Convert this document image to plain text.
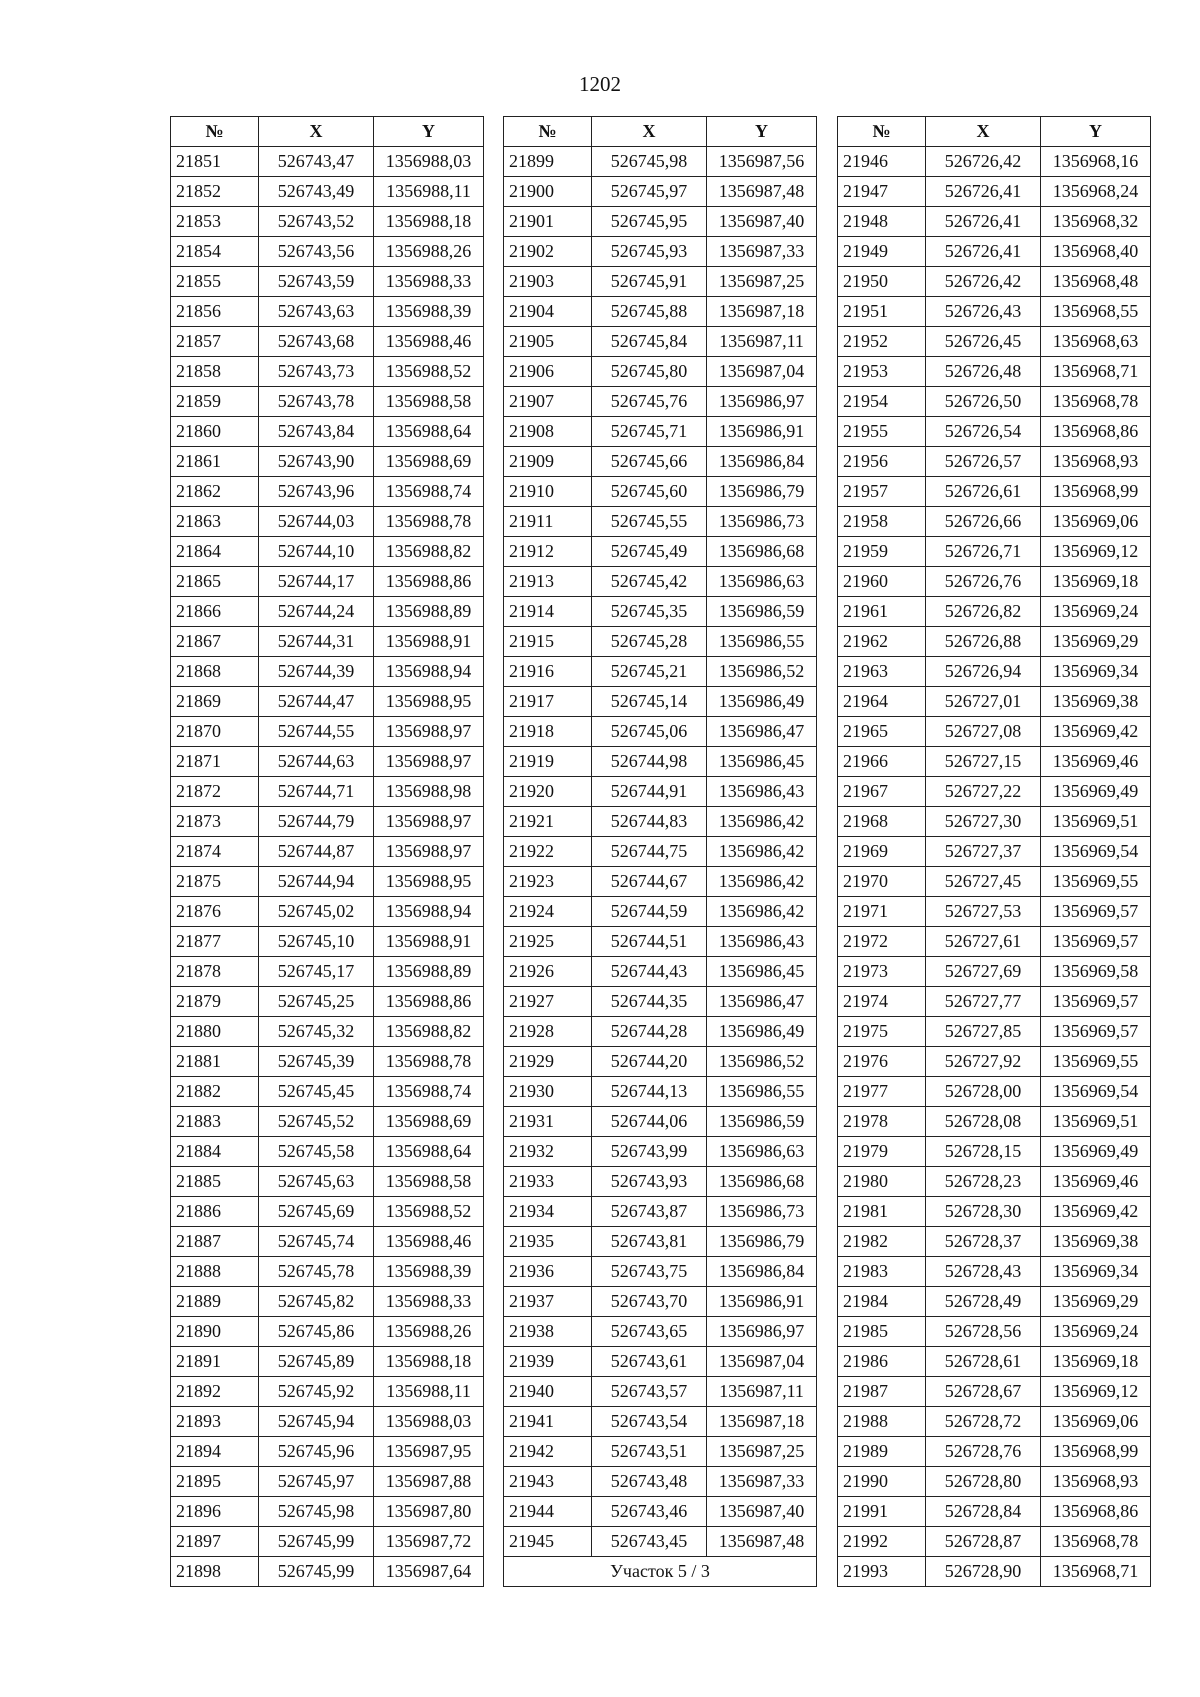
1202
№	X	Y
21851	526743,47	1356988,03
21852	526743,49	1356988,11
21853	526743,52	1356988,18
21854	526743,56	1356988,26
21855	526743,59	1356988,33
21856	526743,63	1356988,39
21857	526743,68	1356988,46
21858	526743,73	1356988,52
21859	526743,78	1356988,58
21860	526743,84	1356988,64
21861	526743,90	1356988,69
21862	526743,96	1356988,74
21863	526744,03	1356988,78
21864	526744,10	1356988,82
21865	526744,17	1356988,86
21866	526744,24	1356988,89
21867	526744,31	1356988,91
21868	526744,39	1356988,94
21869	526744,47	1356988,95
21870	526744,55	1356988,97
21871	526744,63	1356988,97
21872	526744,71	1356988,98
21873	526744,79	1356988,97
21874	526744,87	1356988,97
21875	526744,94	1356988,95
21876	526745,02	1356988,94
21877	526745,10	1356988,91
21878	526745,17	1356988,89
21879	526745,25	1356988,86
21880	526745,32	1356988,82
21881	526745,39	1356988,78
21882	526745,45	1356988,74
21883	526745,52	1356988,69
21884	526745,58	1356988,64
21885	526745,63	1356988,58
21886	526745,69	1356988,52
21887	526745,74	1356988,46
21888	526745,78	1356988,39
21889	526745,82	1356988,33
21890	526745,86	1356988,26
21891	526745,89	1356988,18
21892	526745,92	1356988,11
21893	526745,94	1356988,03
21894	526745,96	1356987,95
21895	526745,97	1356987,88
21896	526745,98	1356987,80
21897	526745,99	1356987,72
21898	526745,99	1356987,64
№	X	Y
21899	526745,98	1356987,56
21900	526745,97	1356987,48
21901	526745,95	1356987,40
21902	526745,93	1356987,33
21903	526745,91	1356987,25
21904	526745,88	1356987,18
21905	526745,84	1356987,11
21906	526745,80	1356987,04
21907	526745,76	1356986,97
21908	526745,71	1356986,91
21909	526745,66	1356986,84
21910	526745,60	1356986,79
21911	526745,55	1356986,73
21912	526745,49	1356986,68
21913	526745,42	1356986,63
21914	526745,35	1356986,59
21915	526745,28	1356986,55
21916	526745,21	1356986,52
21917	526745,14	1356986,49
21918	526745,06	1356986,47
21919	526744,98	1356986,45
21920	526744,91	1356986,43
21921	526744,83	1356986,42
21922	526744,75	1356986,42
21923	526744,67	1356986,42
21924	526744,59	1356986,42
21925	526744,51	1356986,43
21926	526744,43	1356986,45
21927	526744,35	1356986,47
21928	526744,28	1356986,49
21929	526744,20	1356986,52
21930	526744,13	1356986,55
21931	526744,06	1356986,59
21932	526743,99	1356986,63
21933	526743,93	1356986,68
21934	526743,87	1356986,73
21935	526743,81	1356986,79
21936	526743,75	1356986,84
21937	526743,70	1356986,91
21938	526743,65	1356986,97
21939	526743,61	1356987,04
21940	526743,57	1356987,11
21941	526743,54	1356987,18
21942	526743,51	1356987,25
21943	526743,48	1356987,33
21944	526743,46	1356987,40
21945	526743,45	1356987,48
Участок 5 / 3		
№	X	Y
21946	526726,42	1356968,16
21947	526726,41	1356968,24
21948	526726,41	1356968,32
21949	526726,41	1356968,40
21950	526726,42	1356968,48
21951	526726,43	1356968,55
21952	526726,45	1356968,63
21953	526726,48	1356968,71
21954	526726,50	1356968,78
21955	526726,54	1356968,86
21956	526726,57	1356968,93
21957	526726,61	1356968,99
21958	526726,66	1356969,06
21959	526726,71	1356969,12
21960	526726,76	1356969,18
21961	526726,82	1356969,24
21962	526726,88	1356969,29
21963	526726,94	1356969,34
21964	526727,01	1356969,38
21965	526727,08	1356969,42
21966	526727,15	1356969,46
21967	526727,22	1356969,49
21968	526727,30	1356969,51
21969	526727,37	1356969,54
21970	526727,45	1356969,55
21971	526727,53	1356969,57
21972	526727,61	1356969,57
21973	526727,69	1356969,58
21974	526727,77	1356969,57
21975	526727,85	1356969,57
21976	526727,92	1356969,55
21977	526728,00	1356969,54
21978	526728,08	1356969,51
21979	526728,15	1356969,49
21980	526728,23	1356969,46
21981	526728,30	1356969,42
21982	526728,37	1356969,38
21983	526728,43	1356969,34
21984	526728,49	1356969,29
21985	526728,56	1356969,24
21986	526728,61	1356969,18
21987	526728,67	1356969,12
21988	526728,72	1356969,06
21989	526728,76	1356968,99
21990	526728,80	1356968,93
21991	526728,84	1356968,86
21992	526728,87	1356968,78
21993	526728,90	1356968,71
